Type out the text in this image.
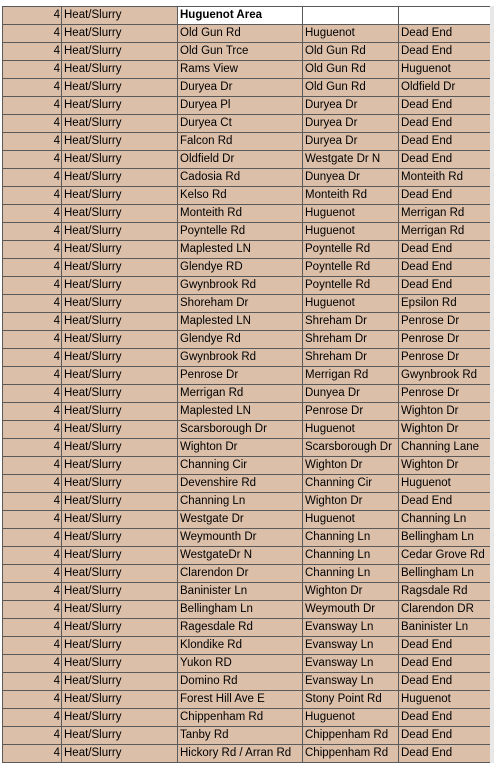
4	Heat/Slurry	Huguenot Area		
4	Heat/Slurry	Old Gun Rd	Huguenot	Dead End
4	Heat/Slurry	Old Gun Trce	Old Gun Rd	Dead End
4	Heat/Slurry	Rams View	Old Gun Rd	Huguenot
4	Heat/Slurry	Duryea Dr	Old Gun Rd	Oldfield Dr
4	Heat/Slurry	Duryea Pl	Duryea Dr	Dead End
4	Heat/Slurry	Duryea Ct	Duryea Dr	Dead End
4	Heat/Slurry	Falcon Rd	Duryea Dr	Dead End
4	Heat/Slurry	Oldfield Dr	Westgate Dr N	Dead End
4	Heat/Slurry	Cadosia Rd	Dunyea Dr	Monteith Rd
4	Heat/Slurry	Kelso Rd	Monteith Rd	Dead End
4	Heat/Slurry	Monteith Rd	Huguenot	Merrigan Rd
4	Heat/Slurry	Poyntelle Rd	Huguenot	Merrigan Rd
4	Heat/Slurry	Maplested LN	Poyntelle Rd	Dead End
4	Heat/Slurry	Glendye RD	Poyntelle Rd	Dead End
4	Heat/Slurry	Gwynbrook Rd	Poyntelle Rd	Dead End
4	Heat/Slurry	Shoreham Dr	Huguenot	Epsilon Rd
4	Heat/Slurry	Maplested LN	Shreham Dr	Penrose Dr
4	Heat/Slurry	Glendye Rd	Shreham Dr	Penrose Dr
4	Heat/Slurry	Gwynbrook Rd	Shreham Dr	Penrose Dr
4	Heat/Slurry	Penrose Dr	Merrigan Rd	Gwynbrook Rd
4	Heat/Slurry	Merrigan Rd	Dunyea Dr	Penrose Dr
4	Heat/Slurry	Maplested LN	Penrose Dr	Wighton Dr
4	Heat/Slurry	Scarsborough Dr	Huguenot	Wighton Dr
4	Heat/Slurry	Wighton Dr	Scarsborough Dr	Channing Lane
4	Heat/Slurry	Channing Cir	Wighton Dr	Wighton Dr
4	Heat/Slurry	Devenshire Rd	Channing Cir	Huguenot
4	Heat/Slurry	Channing Ln	Wighton Dr	Dead End
4	Heat/Slurry	Westgate Dr	Huguenot	Channing Ln
4	Heat/Slurry	Weymounth Dr	Channing Ln	Bellingham Ln
4	Heat/Slurry	WestgateDr N	Channing Ln	Cedar Grove Rd
4	Heat/Slurry	Clarendon Dr	Channing Ln	Bellingham Ln
4	Heat/Slurry	Baninister Ln	Wighton Dr	Ragsdale Rd
4	Heat/Slurry	Bellingham Ln	Weymouth Dr	Clarendon DR
4	Heat/Slurry	Ragesdale Rd	Evansway Ln	Baninister Ln
4	Heat/Slurry	Klondike Rd	Evansway Ln	Dead End
4	Heat/Slurry	Yukon RD	Evansway Ln	Dead End
4	Heat/Slurry	Domino Rd	Evansway Ln	Dead End
4	Heat/Slurry	Forest Hill Ave E	Stony Point Rd	Huguenot
4	Heat/Slurry	Chippenham Rd	Huguenot	Dead End
4	Heat/Slurry	Tanby Rd	Chippenham Rd	Dead End
4	Heat/Slurry	Hickory Rd / Arran Rd	Chippenham Rd	Dead End
